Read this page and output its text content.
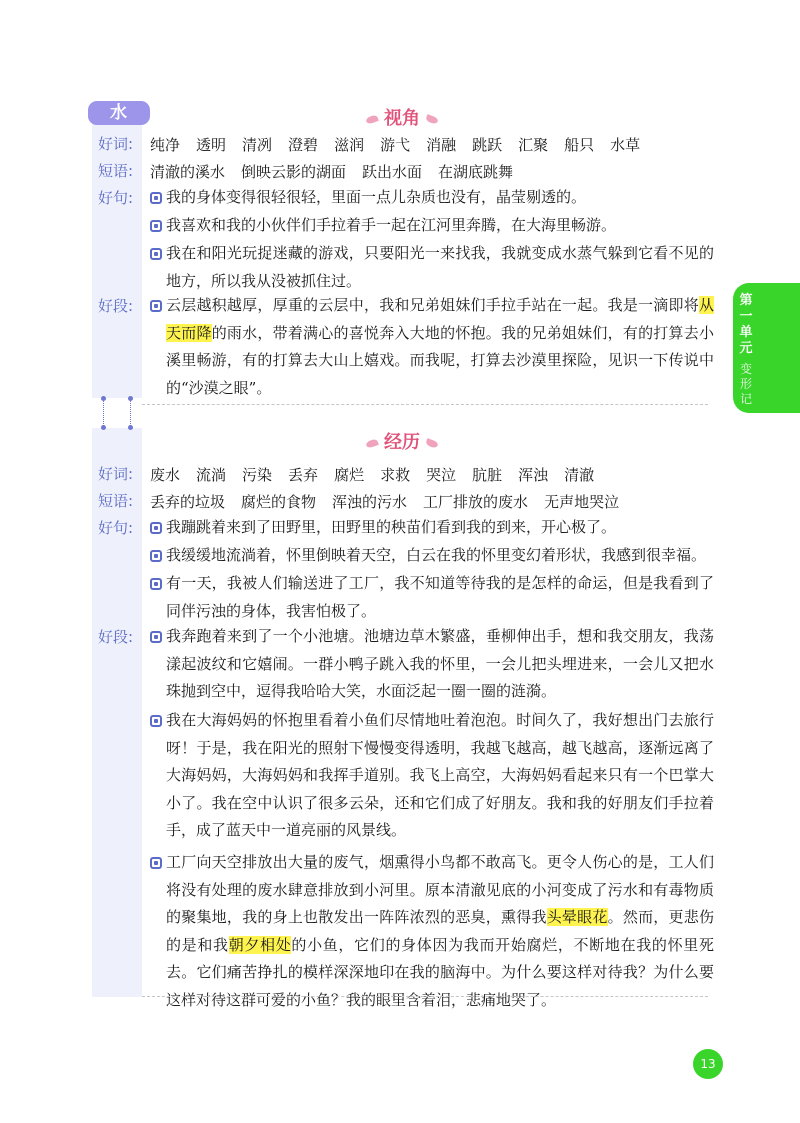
水	视角
好词:	纯净 透明 清冽 澄碧 滋润 游弋 消融 跳跃 汇聚 船只 水草
短语:	清澈的溪水 倒映云影的湖面 跃出水面 在湖底跳舞
好句:	我的身体变得很轻很轻，里面一点儿杂质也没有，晶莹剔透的。
我喜欢和我的小伙伴们手拉着手一起在江河里奔腾，在大海里畅游。
我在和阳光玩捉迷藏的游戏，只要阳光一来找我，我就变成水蒸气躲到它看不见的地方，所以我从没被抓住过。
好段:	云层越积越厚，厚重的云层中，我和兄弟姐妹们手拉手站在一起。我是一滴即将从天而降的雨水，带着满心的喜悦奔入大地的怀抱。我的兄弟姐妹们，有的打算去小溪里畅游，有的打算去大山上嬉戏。而我呢，打算去沙漠里探险，见识一下传说中的“沙漠之眼”。
经历
好词:	废水 流淌 污染 丢弃 腐烂 求救 哭泣 肮脏 浑浊 清澈
短语:	丢弃的垃圾 腐烂的食物 浑浊的污水 工厂排放的废水 无声地哭泣
好句:	我蹦跳着来到了田野里，田野里的秧苗们看到我的到来，开心极了。
我缓缓地流淌着，怀里倒映着天空，白云在我的怀里变幻着形状，我感到很幸福。
有一天，我被人们输送进了工厂，我不知道等待我的是怎样的命运，但是我看到了同伴污浊的身体，我害怕极了。
好段:	我奔跑着来到了一个小池塘。池塘边草木繁盛，垂柳伸出手，想和我交朋友，我荡漾起波纹和它嬉闹。一群小鸭子跳入我的怀里，一会儿把头埋进来，一会儿又把水珠抛到空中，逗得我哈哈大笑，水面泛起一圈一圈的涟漪。
我在大海妈妈的怀抱里看着小鱼们尽情地吐着泡泡。时间久了，我好想出门去旅行呀！于是，我在阳光的照射下慢慢变得透明，我越飞越高，越飞越高，逐渐远离了大海妈妈，大海妈妈和我挥手道别。我飞上高空，大海妈妈看起来只有一个巴掌大小了。我在空中认识了很多云朵，还和它们成了好朋友。我和我的好朋友们手拉着手，成了蓝天中一道亮丽的风景线。
工厂向天空排放出大量的废气，烟熏得小鸟都不敢高飞。更令人伤心的是，工人们将没有处理的废水肆意排放到小河里。原本清澈见底的小河变成了污水和有毒物质的聚集地，我的身上也散发出一阵阵浓烈的恶臭，熏得我头晕眼花。然而，更悲伤的是和我朝夕相处的小鱼，它们的身体因为我而开始腐烂，不断地在我的怀里死去。它们痛苦挣扎的模样深深地印在我的脑海中。为什么要这样对待我？为什么要这样对待这群可爱的小鱼？我的眼里含着泪，悲痛地哭了。
第
一
单
元
变
形
记
13
